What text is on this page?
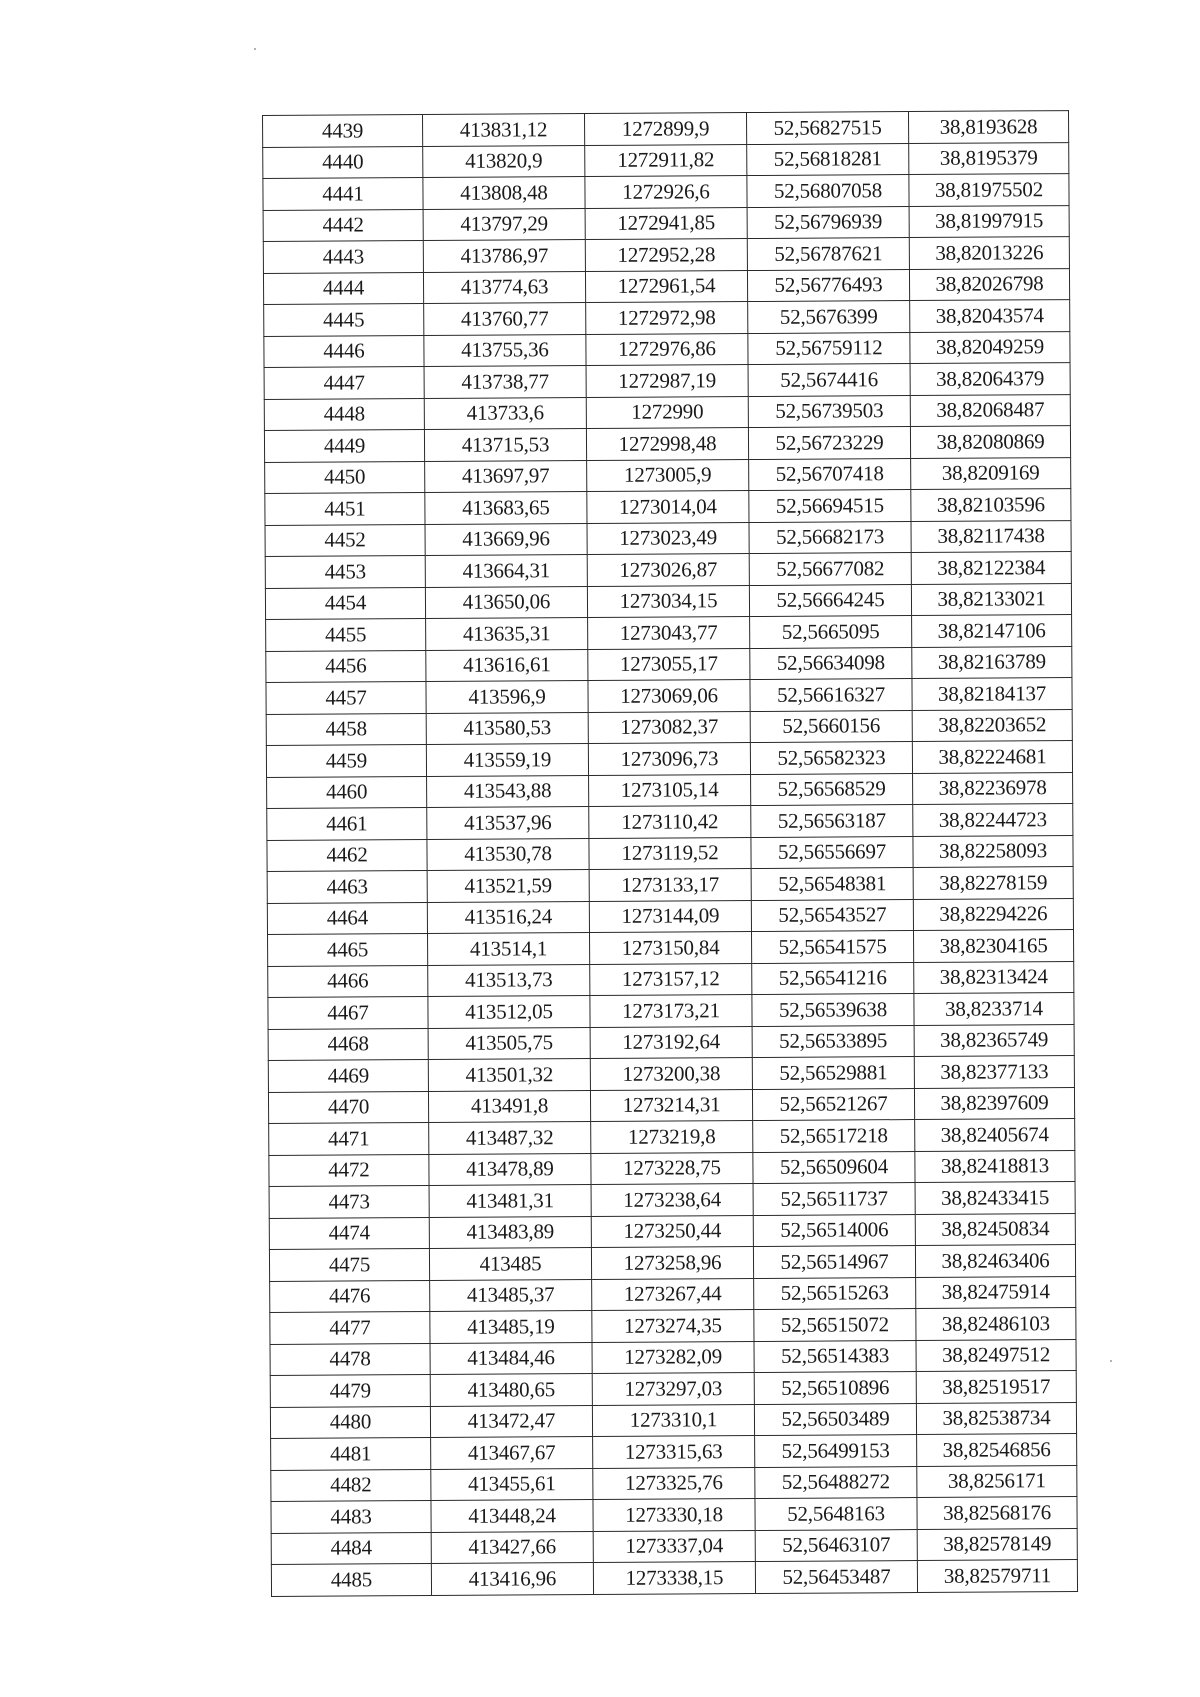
4439	413831,12	1272899,9	52,56827515	38,8193628
4440	413820,9	1272911,82	52,56818281	38,8195379
4441	413808,48	1272926,6	52,56807058	38,81975502
4442	413797,29	1272941,85	52,56796939	38,81997915
4443	413786,97	1272952,28	52,56787621	38,82013226
4444	413774,63	1272961,54	52,56776493	38,82026798
4445	413760,77	1272972,98	52,5676399	38,82043574
4446	413755,36	1272976,86	52,56759112	38,82049259
4447	413738,77	1272987,19	52,5674416	38,82064379
4448	413733,6	1272990	52,56739503	38,82068487
4449	413715,53	1272998,48	52,56723229	38,82080869
4450	413697,97	1273005,9	52,56707418	38,8209169
4451	413683,65	1273014,04	52,56694515	38,82103596
4452	413669,96	1273023,49	52,56682173	38,82117438
4453	413664,31	1273026,87	52,56677082	38,82122384
4454	413650,06	1273034,15	52,56664245	38,82133021
4455	413635,31	1273043,77	52,5665095	38,82147106
4456	413616,61	1273055,17	52,56634098	38,82163789
4457	413596,9	1273069,06	52,56616327	38,82184137
4458	413580,53	1273082,37	52,5660156	38,82203652
4459	413559,19	1273096,73	52,56582323	38,82224681
4460	413543,88	1273105,14	52,56568529	38,82236978
4461	413537,96	1273110,42	52,56563187	38,82244723
4462	413530,78	1273119,52	52,56556697	38,82258093
4463	413521,59	1273133,17	52,56548381	38,82278159
4464	413516,24	1273144,09	52,56543527	38,82294226
4465	413514,1	1273150,84	52,56541575	38,82304165
4466	413513,73	1273157,12	52,56541216	38,82313424
4467	413512,05	1273173,21	52,56539638	38,8233714
4468	413505,75	1273192,64	52,56533895	38,82365749
4469	413501,32	1273200,38	52,56529881	38,82377133
4470	413491,8	1273214,31	52,56521267	38,82397609
4471	413487,32	1273219,8	52,56517218	38,82405674
4472	413478,89	1273228,75	52,56509604	38,82418813
4473	413481,31	1273238,64	52,56511737	38,82433415
4474	413483,89	1273250,44	52,56514006	38,82450834
4475	413485	1273258,96	52,56514967	38,82463406
4476	413485,37	1273267,44	52,56515263	38,82475914
4477	413485,19	1273274,35	52,56515072	38,82486103
4478	413484,46	1273282,09	52,56514383	38,82497512
4479	413480,65	1273297,03	52,56510896	38,82519517
4480	413472,47	1273310,1	52,56503489	38,82538734
4481	413467,67	1273315,63	52,56499153	38,82546856
4482	413455,61	1273325,76	52,56488272	38,8256171
4483	413448,24	1273330,18	52,5648163	38,82568176
4484	413427,66	1273337,04	52,56463107	38,82578149
4485	413416,96	1273338,15	52,56453487	38,82579711
